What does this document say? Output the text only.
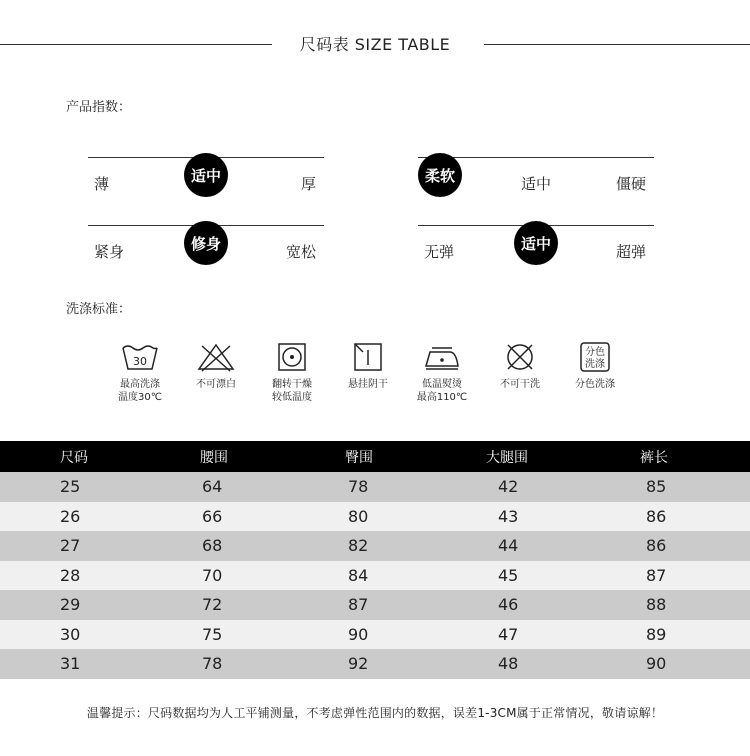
尺码表 SIZE TABLE
产品指数：
薄	适中	厚	柔软	适中	僵硬
紧身	修身	宽松	无弹	适中	超弹
洗涤标准：
30
最高洗涤
温度30℃
不可漂白	翻转干燥
较低温度
悬挂阴干	低温熨烫
最高110℃
不可干洗
分色
洗涤
分色洗涤
尺码	腰围	臀围	大腿围	裤长
25	64	78	42	85
26	66	80	43	86
27	68	82	44	86
28	70	84	45	87
29	72	87	46	88
30	75	90	47	89
31	78	92	48	90
温馨提示：尺码数据均为人工平铺测量，不考虑弹性范围内的数据，误差1-3CM属于正常情况，敬请谅解！
